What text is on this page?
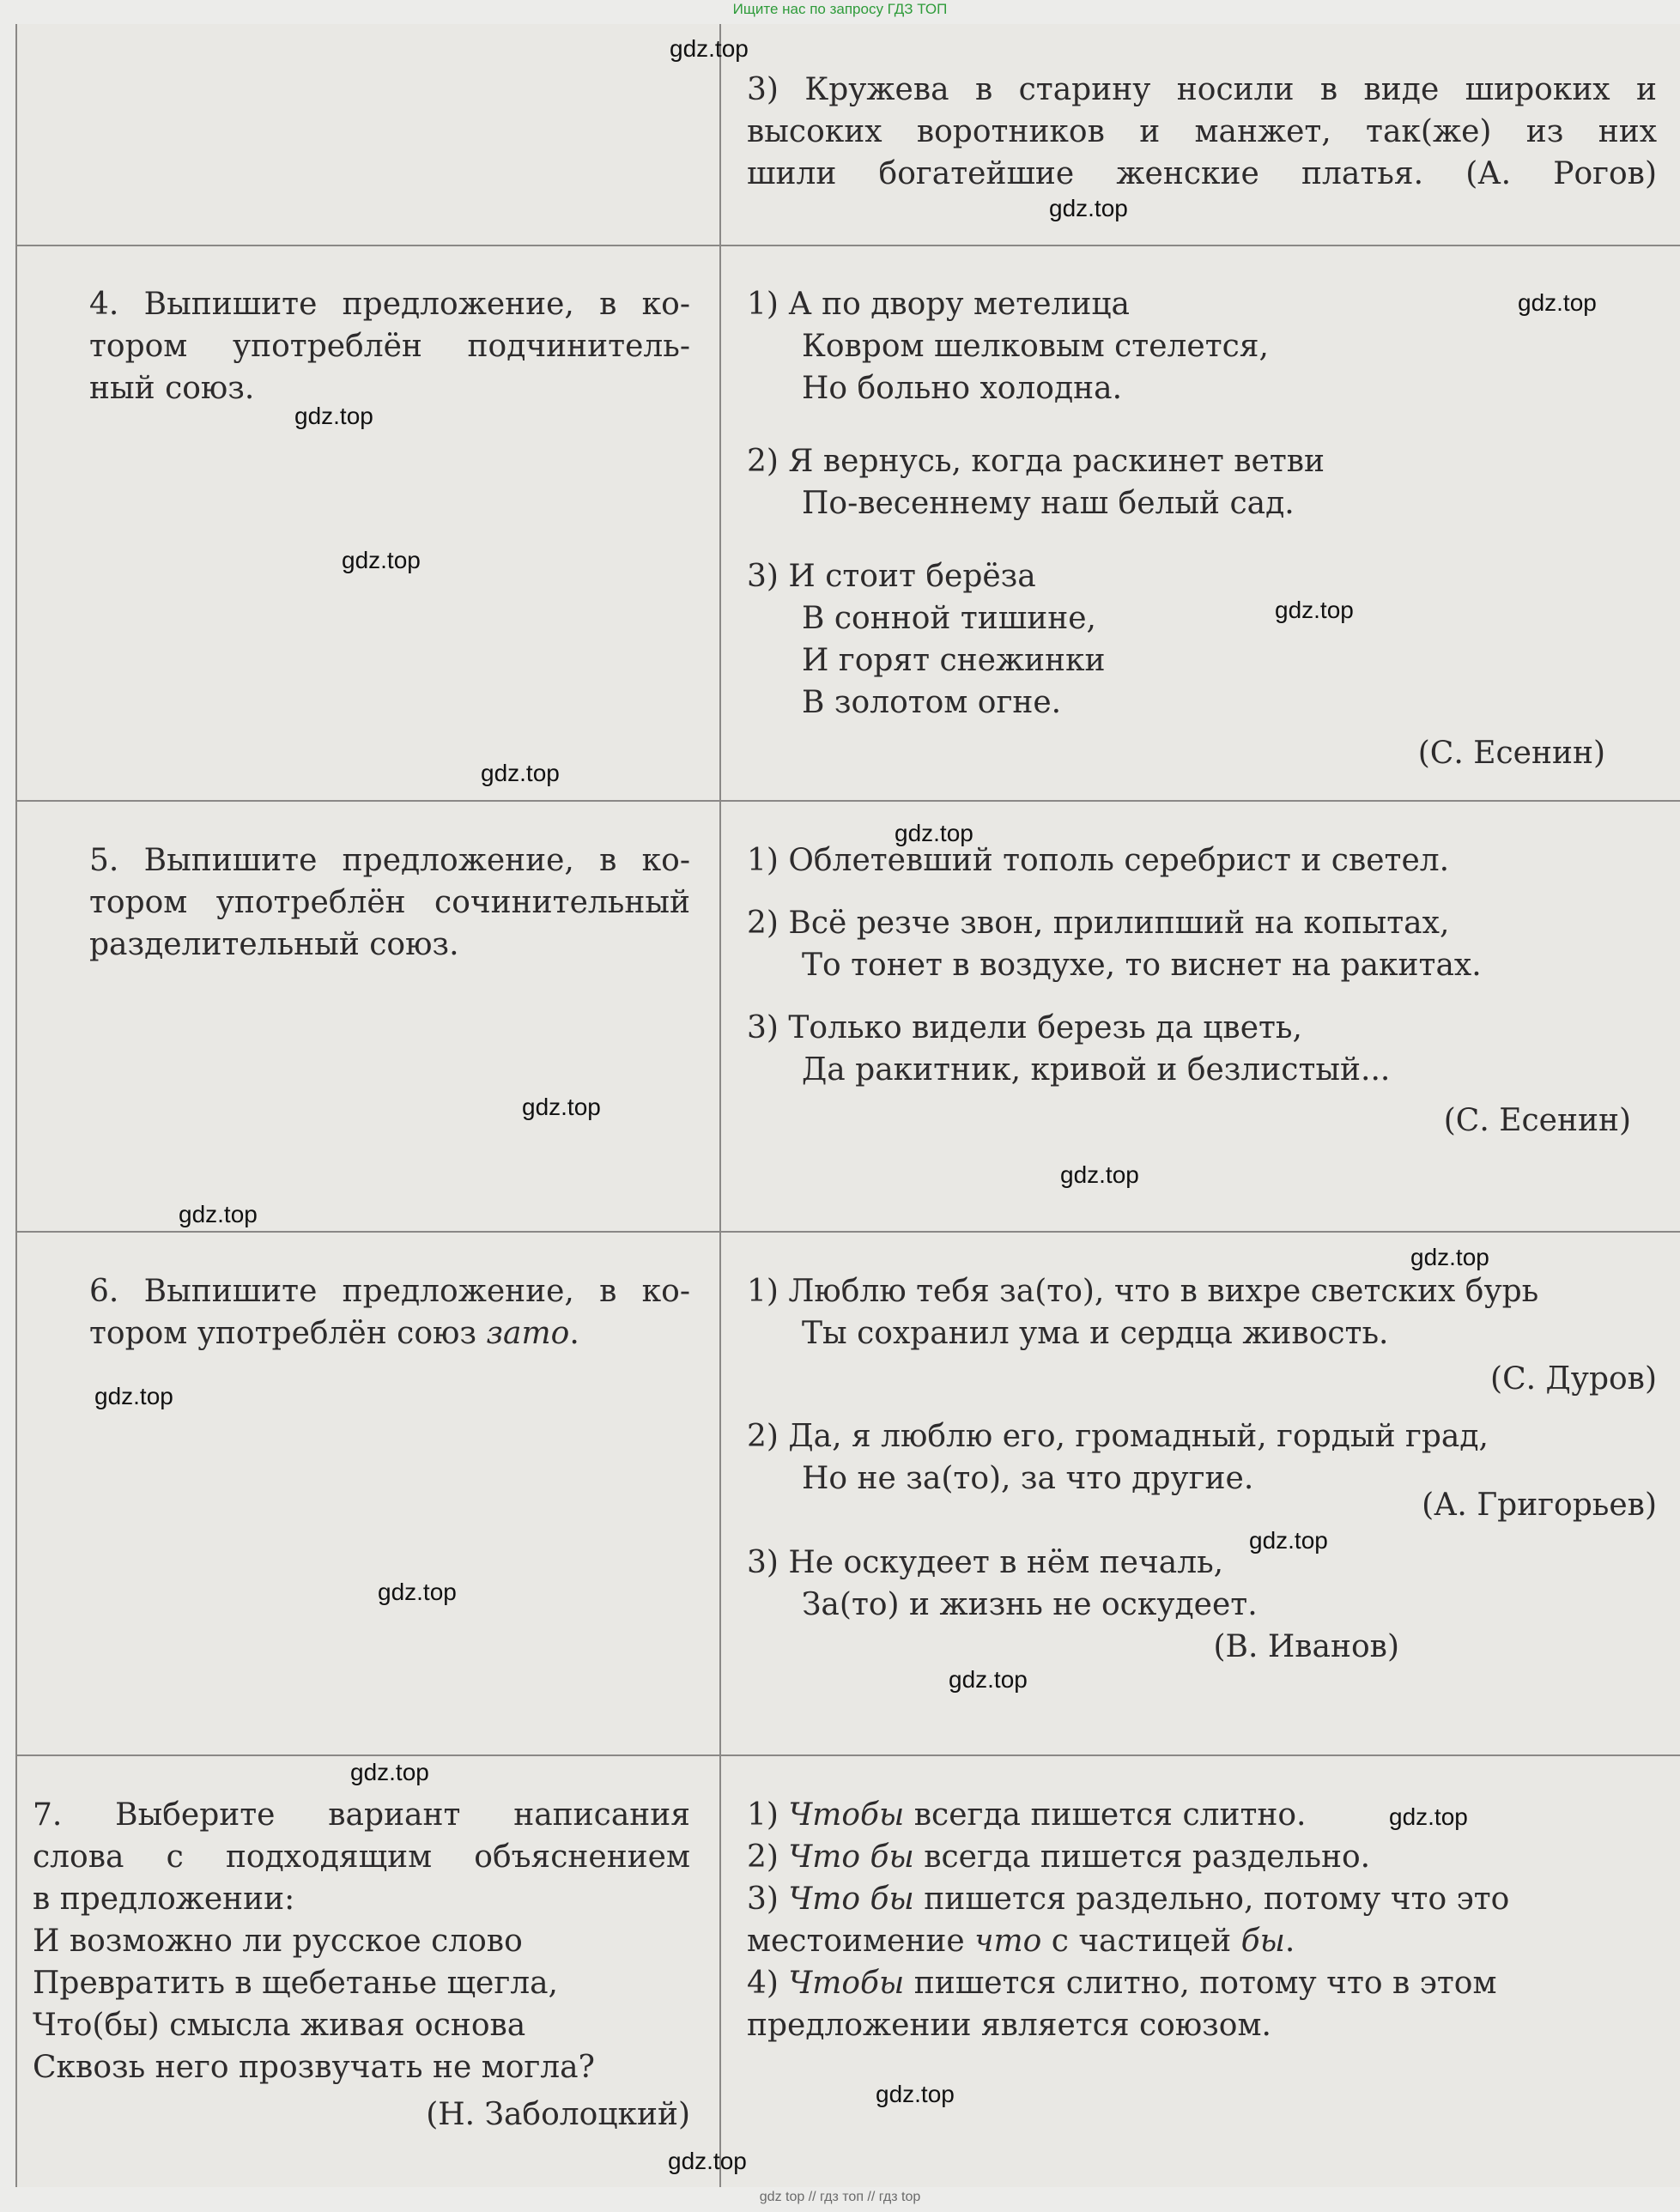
Ищите нас по запросу ГДЗ ТОП
3) Кружева в старину носили в виде широких и
высоких воротников и манжет, так(же) из них
шили богатейшие женские платья. (А. Рогов)
4. Выпишите предложение, в ко-
тором употреблён подчинитель-
ный союз.
1) А по двору метелица
Ковром шелковым стелется,
Но больно холодна.
2) Я вернусь, когда раскинет ветви
По-весеннему наш белый сад.
3) И стоит берёза
В сонной тишине,
И горят снежинки
В золотом огне.
(С. Есенин)
5. Выпишите предложение, в ко-
тором употреблён сочинительный
разделительный союз.
1) Облетевший тополь серебрист и светел.
2) Всё резче звон, прилипший на копытах,
То тонет в воздухе, то виснет на ракитах.
3) Только видели березь да цветь,
Да ракитник, кривой и безлистый...
(С. Есенин)
6. Выпишите предложение, в ко-
тором употреблён союз зато.
1) Люблю тебя за(то), что в вихре светских бурь
Ты сохранил ума и сердца живость.
(С. Дуров)
2) Да, я люблю его, громадный, гордый град,
Но не за(то), за что другие.
(А. Григорьев)
3) Не оскудеет в нём печаль,
За(то) и жизнь не оскудеет.
(В. Иванов)
7. Выберите вариант написания
слова с подходящим объяснением
в предложении:
И возможно ли русское слово
Превратить в щебетанье щегла,
Что(бы) смысла живая основа
Сквозь него прозвучать не могла?
(Н. Заболоцкий)
1) Чтобы всегда пишется слитно.
2) Что бы всегда пишется раздельно.
3) Что бы пишется раздельно, потому что это
местоимение что с частицей бы.
4) Чтобы пишется слитно, потому что в этом
предложении является союзом.
gdz.top
gdz.top
gdz.top
gdz.top
gdz.top
gdz.top
gdz.top
gdz.top
gdz.top
gdz.top
gdz.top
gdz.top
gdz.top
gdz.top
gdz.top
gdz.top
gdz.top
gdz.top
gdz.top
gdz.top
gdz top // гдз топ // гдз top
